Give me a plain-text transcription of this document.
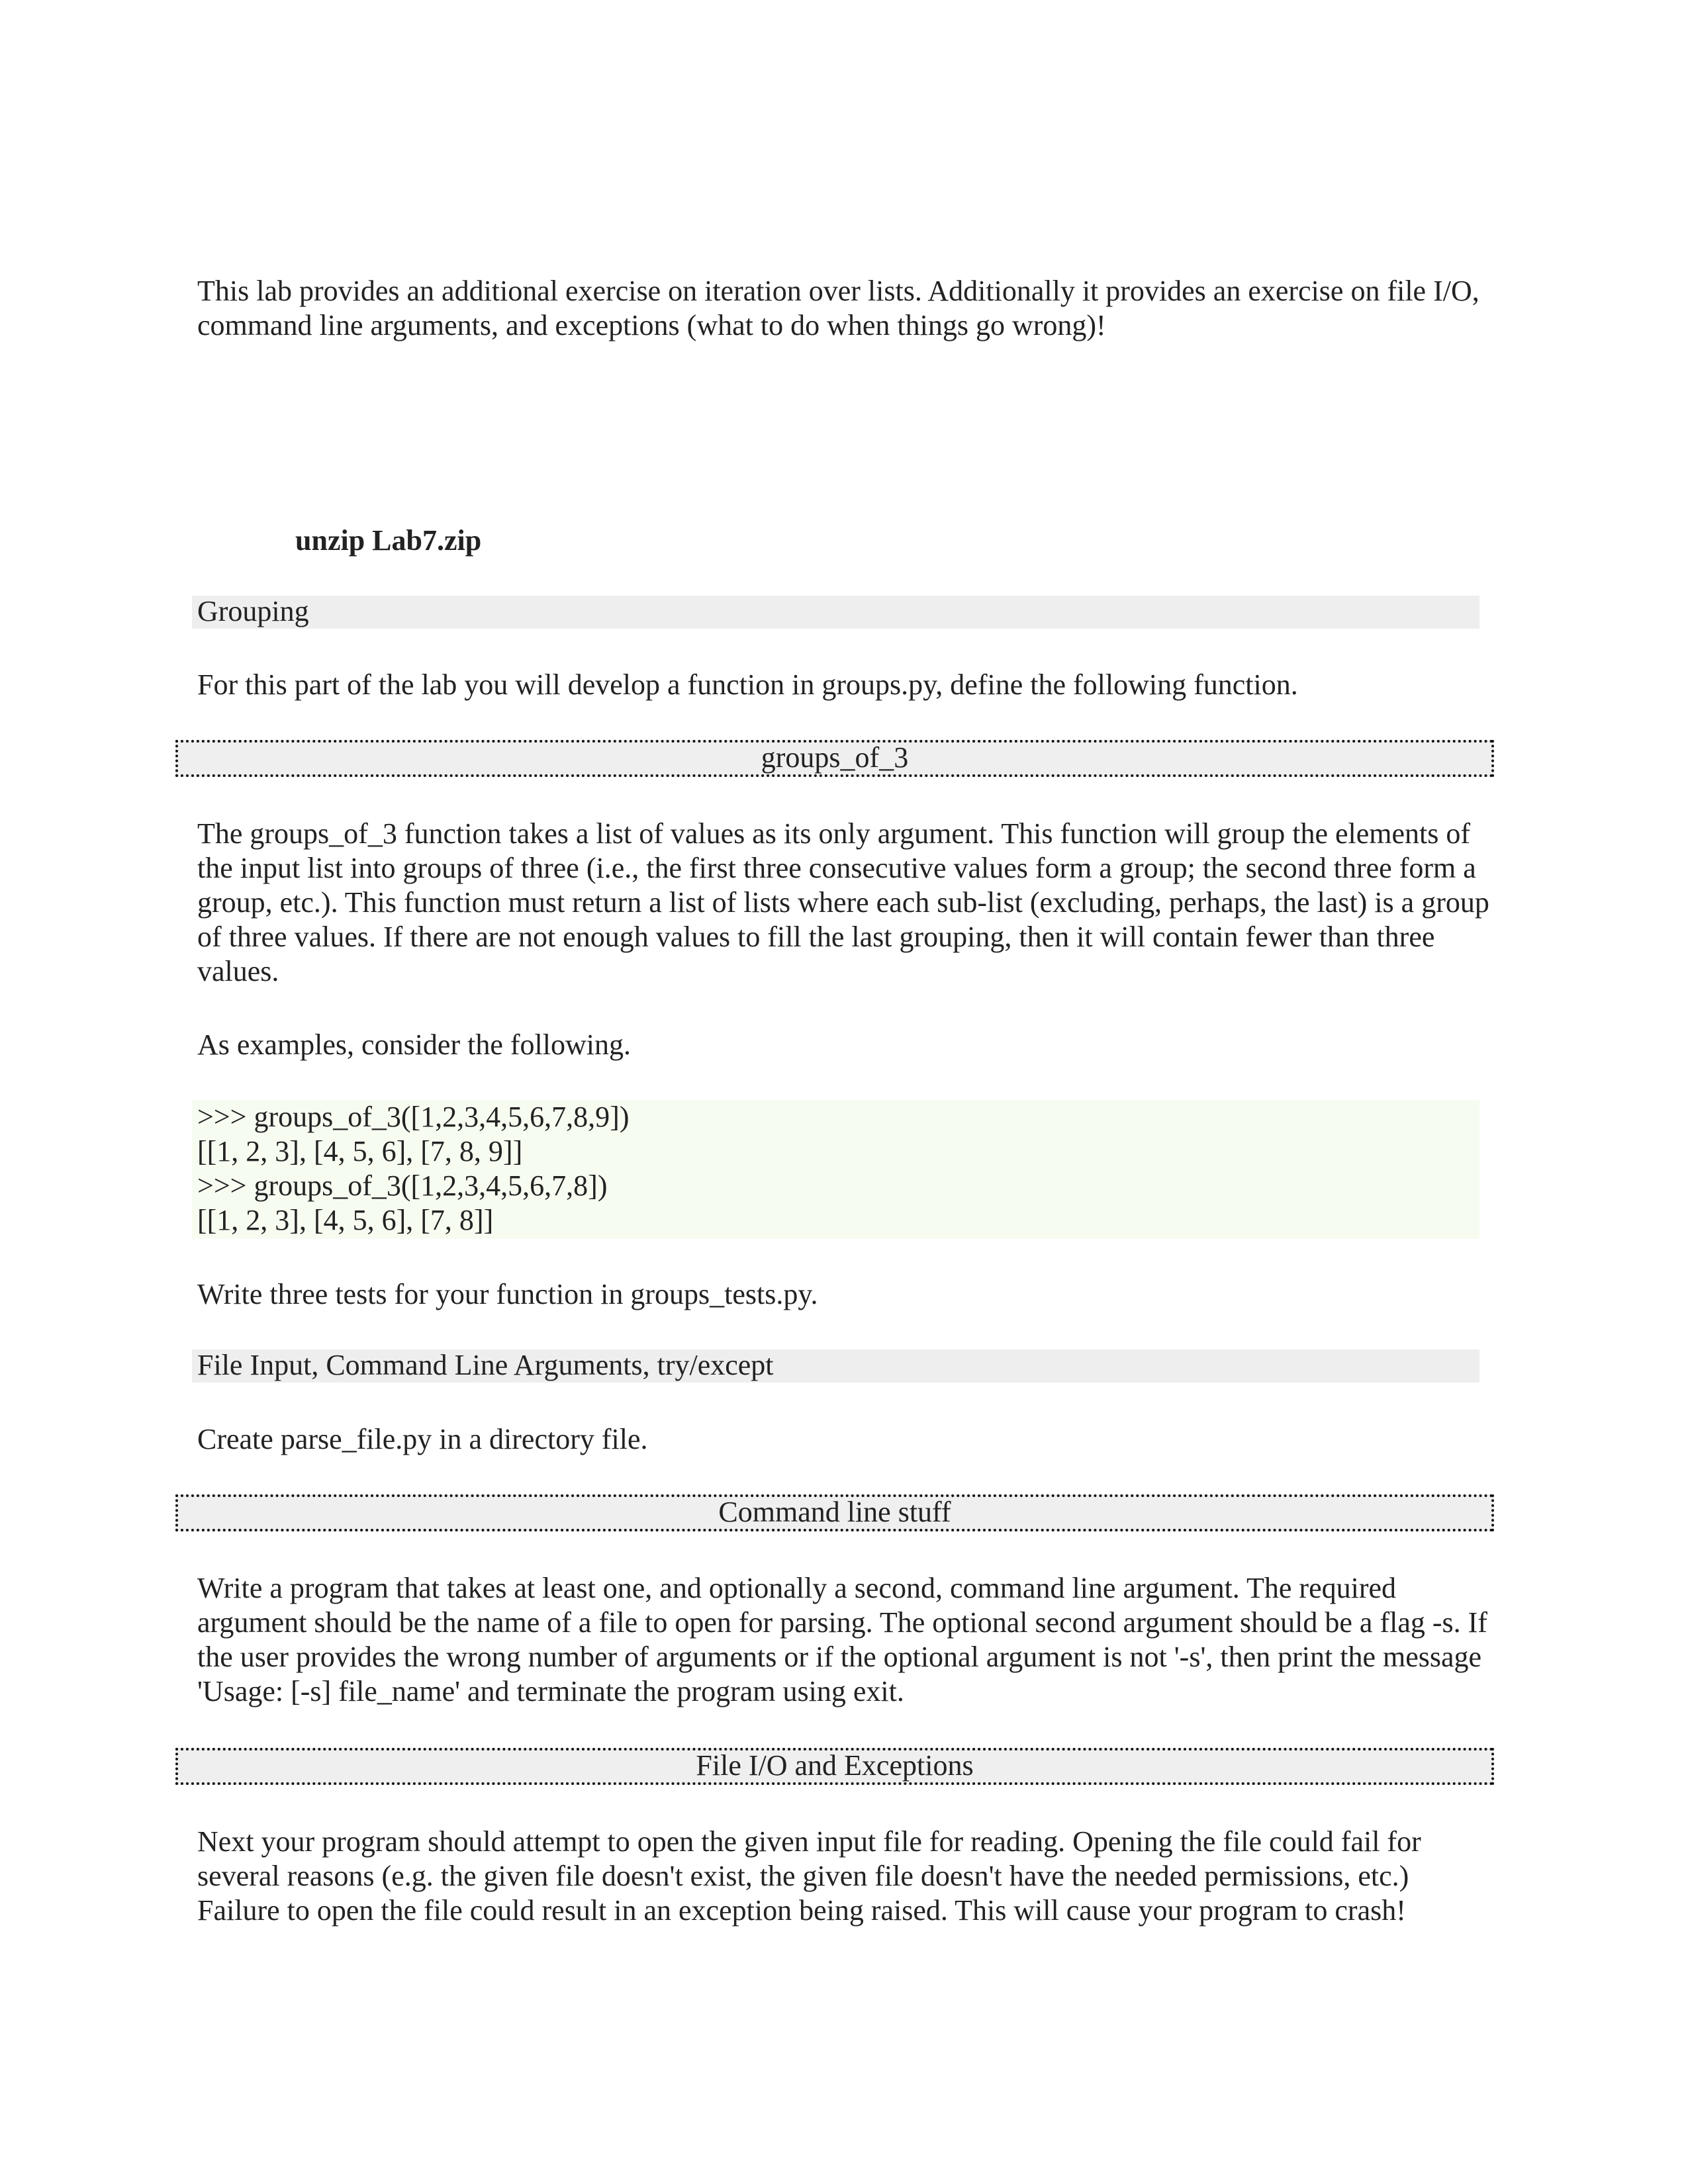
This lab provides an additional exercise on iteration over lists. Additionally it provides an exercise on file I/O, command line arguments, and exceptions (what to do when things go wrong)!

unzip Lab7.zip

Grouping

For this part of the lab you will develop a function in groups.py, define the following function.

groups_of_3

The groups_of_3 function takes a list of values as its only argument. This function will group the elements of the input list into groups of three (i.e., the first three consecutive values form a group; the second three form a group, etc.). This function must return a list of lists where each sub-list (excluding, perhaps, the last) is a group of three values. If there are not enough values to fill the last grouping, then it will contain fewer than three values.

As examples, consider the following.

>>> groups_of_3([1,2,3,4,5,6,7,8,9])
[[1, 2, 3], [4, 5, 6], [7, 8, 9]]
>>> groups_of_3([1,2,3,4,5,6,7,8])
[[1, 2, 3], [4, 5, 6], [7, 8]]

Write three tests for your function in groups_tests.py.

File Input, Command Line Arguments, try/except

Create parse_file.py in a directory file.

Command line stuff

Write a program that takes at least one, and optionally a second, command line argument. The required argument should be the name of a file to open for parsing. The optional second argument should be a flag -s. If the user provides the wrong number of arguments or if the optional argument is not '-s', then print the message 'Usage: [-s] file_name' and terminate the program using exit.

File I/O and Exceptions

Next your program should attempt to open the given input file for reading. Opening the file could fail for several reasons (e.g. the given file doesn't exist, the given file doesn't have the needed permissions, etc.) Failure to open the file could result in an exception being raised. This will cause your program to crash!
